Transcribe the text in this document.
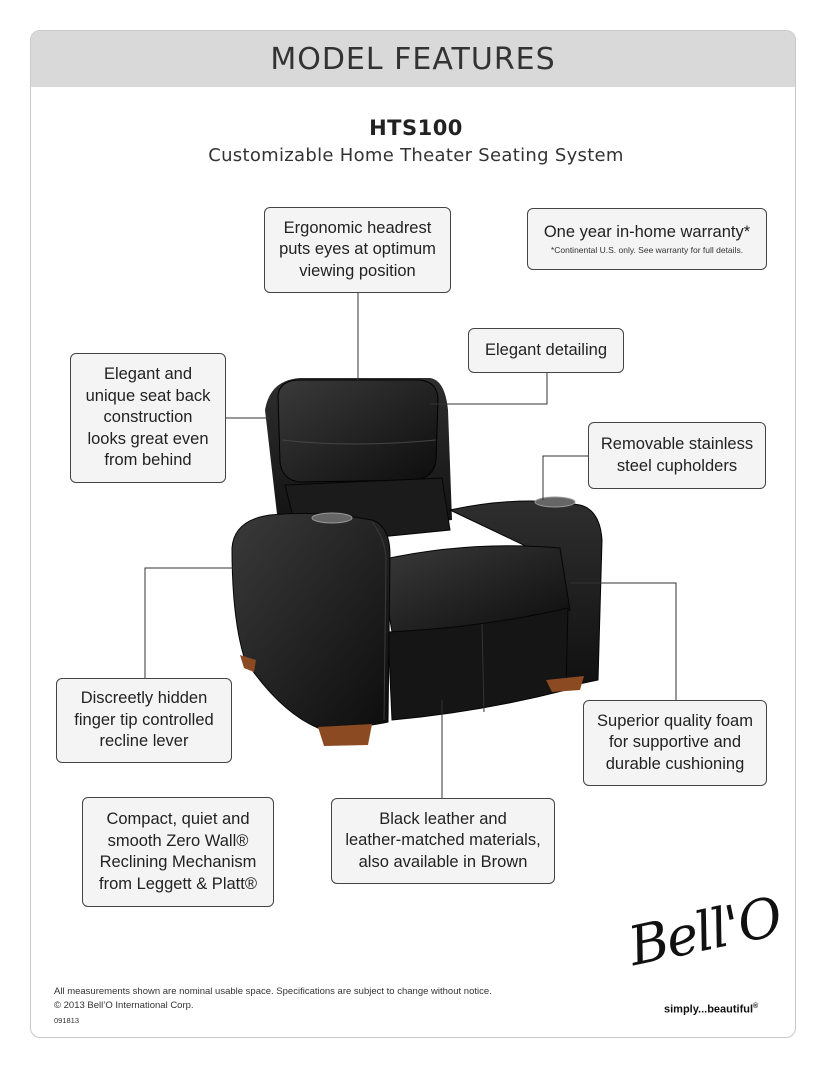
MODEL FEATURES
HTS100
Customizable Home Theater Seating System
Ergonomic headrest
puts eyes at optimum
viewing position
One year in-home warranty*
*Continental U.S. only. See warranty for full details.
Elegant detailing
Elegant and
unique seat back
construction
looks great even
from behind
Removable stainless
steel cupholders
Discreetly hidden
finger tip controlled
recline lever
Superior quality foam
for supportive and
durable cushioning
Compact, quiet and
smooth Zero Wall®
Reclining Mechanism
from Leggett & Platt®
Black leather and
leather-matched materials,
also available in Brown
All measurements shown are nominal usable space. Specifications are subject to change without notice.
© 2013 Bell’O International Corp.
091813
Bell'O
simply...beautiful®
